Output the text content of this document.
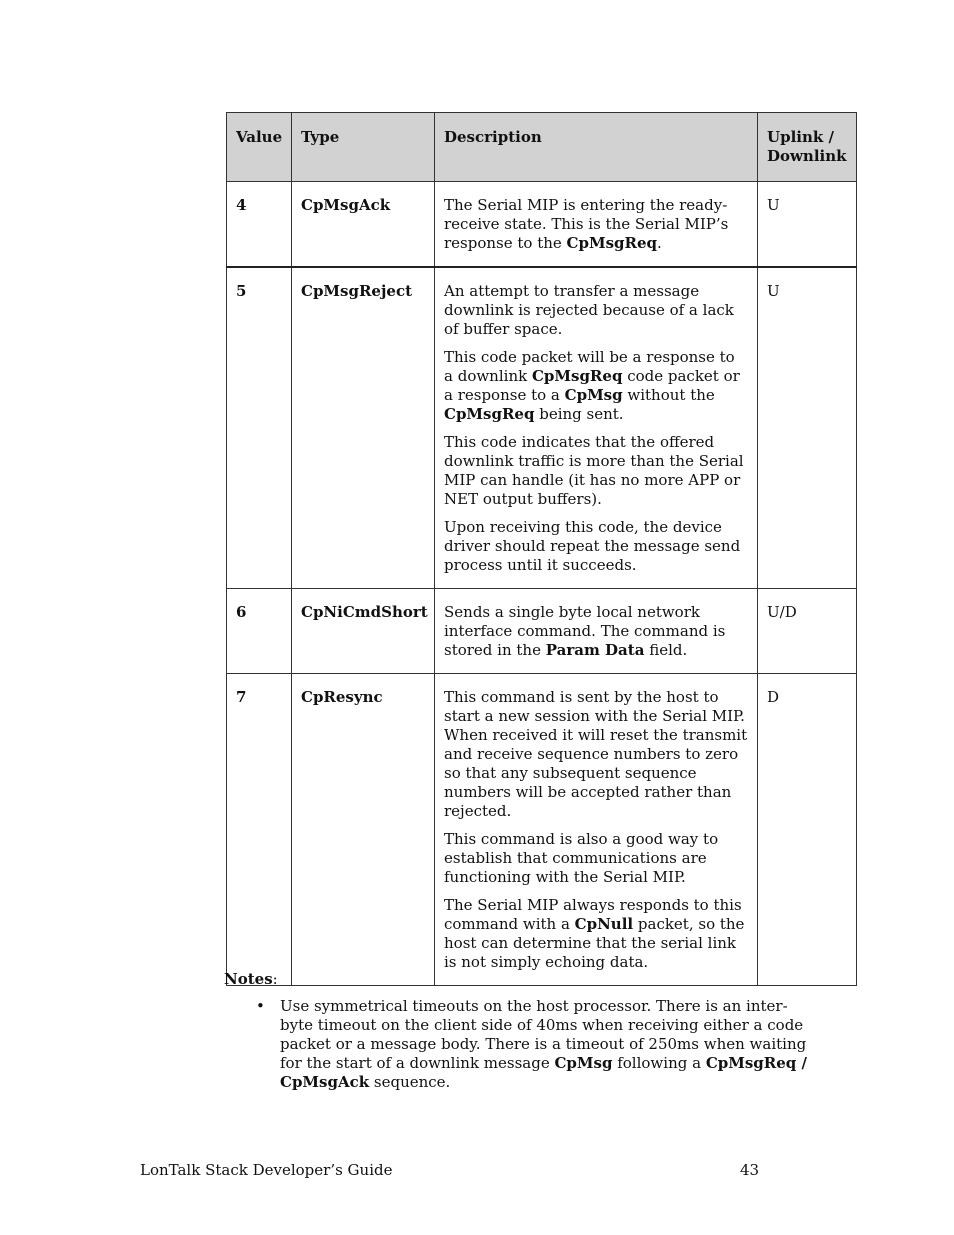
Value	Type	Description	Uplink / Downlink
4	CpMsgAck	The Serial MIP is entering the ready-receive state. This is the Serial MIP’s response to the CpMsgReq.	U
5	CpMsgReject	An attempt to transfer a message downlink is rejected because of a lack of buffer space.

This code packet will be a response to a downlink CpMsgReq code packet or a response to a CpMsg without the CpMsgReq being sent.

This code indicates that the offered downlink traffic is more than the Serial MIP can handle (it has no more APP or NET output buffers).

Upon receiving this code, the device driver should repeat the message send process until it succeeds.	U
6	CpNiCmdShort	Sends a single byte local network interface command. The command is stored in the Param Data field.	U/D
7	CpResync	This command is sent by the host to start a new session with the Serial MIP. When received it will reset the transmit and receive sequence numbers to zero so that any subsequent sequence numbers will be accepted rather than rejected.

This command is also a good way to establish that communications are functioning with the Serial MIP.

The Serial MIP always responds to this command with a CpNull packet, so the host can determine that the serial link is not simply echoing data.	D
Notes:
• Use symmetrical timeouts on the host processor. There is an inter-byte timeout on the client side of 40ms when receiving either a code packet or a message body. There is a timeout of 250ms when waiting for the start of a downlink message CpMsg following a CpMsgReq / CpMsgAck sequence.
LonTalk Stack Developer’s Guide	43
